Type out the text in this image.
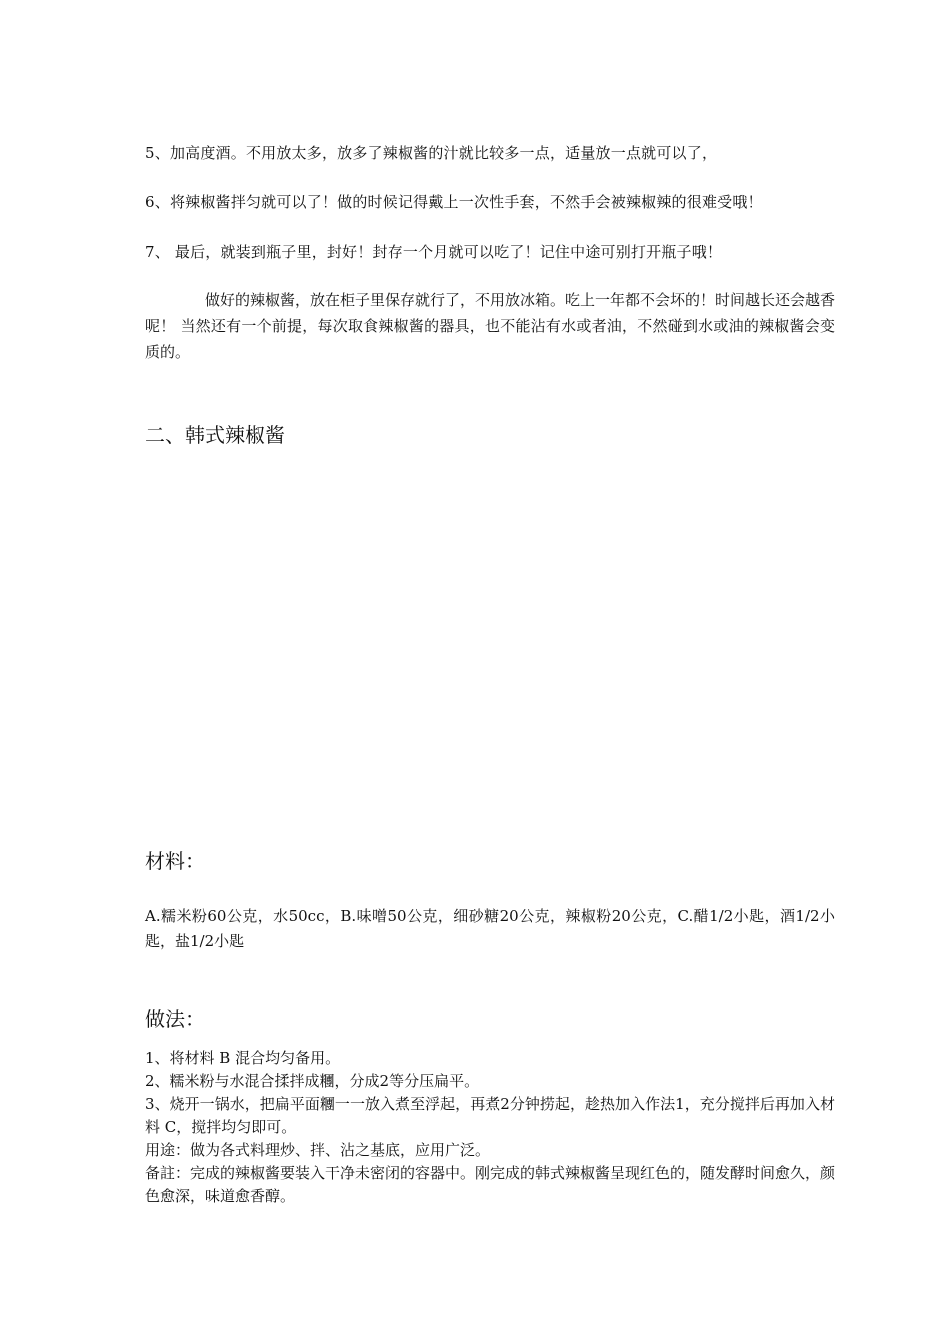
5、加高度酒。不用放太多，放多了辣椒酱的汁就比较多一点，适量放一点就可以了，
6、将辣椒酱拌匀就可以了！做的时候记得戴上一次性手套，不然手会被辣椒辣的很难受哦！
7、 最后，就装到瓶子里，封好！封存一个月就可以吃了！记住中途可别打开瓶子哦！
做好的辣椒酱，放在柜子里保存就行了，不用放冰箱。吃上一年都不会坏的！时间越长还会越香呢！ 当然还有一个前提，每次取食辣椒酱的器具，也不能沾有水或者油，不然碰到水或油的辣椒酱会变质的。
二、韩式辣椒酱
材料：
A.糯米粉60公克，水50cc，B.味噌50公克，细砂糖20公克，辣椒粉20公克，C.醋1/2小匙，酒1/2小匙，盐1/2小匙
做法：
1、将材料 B 混合均匀备用。
2、糯米粉与水混合揉拌成糰，分成2等分压扁平。
3、烧开一锅水，把扁平面糰一一放入煮至浮起，再煮2分钟捞起，趁热加入作法1，充分搅拌后再加入材料 C，搅拌均匀即可。
用途：做为各式料理炒、拌、沾之基底，应用广泛。
备註：完成的辣椒酱要装入干净未密闭的容器中。刚完成的韩式辣椒酱呈现红色的，随发酵时间愈久，颜色愈深，味道愈香醇。
